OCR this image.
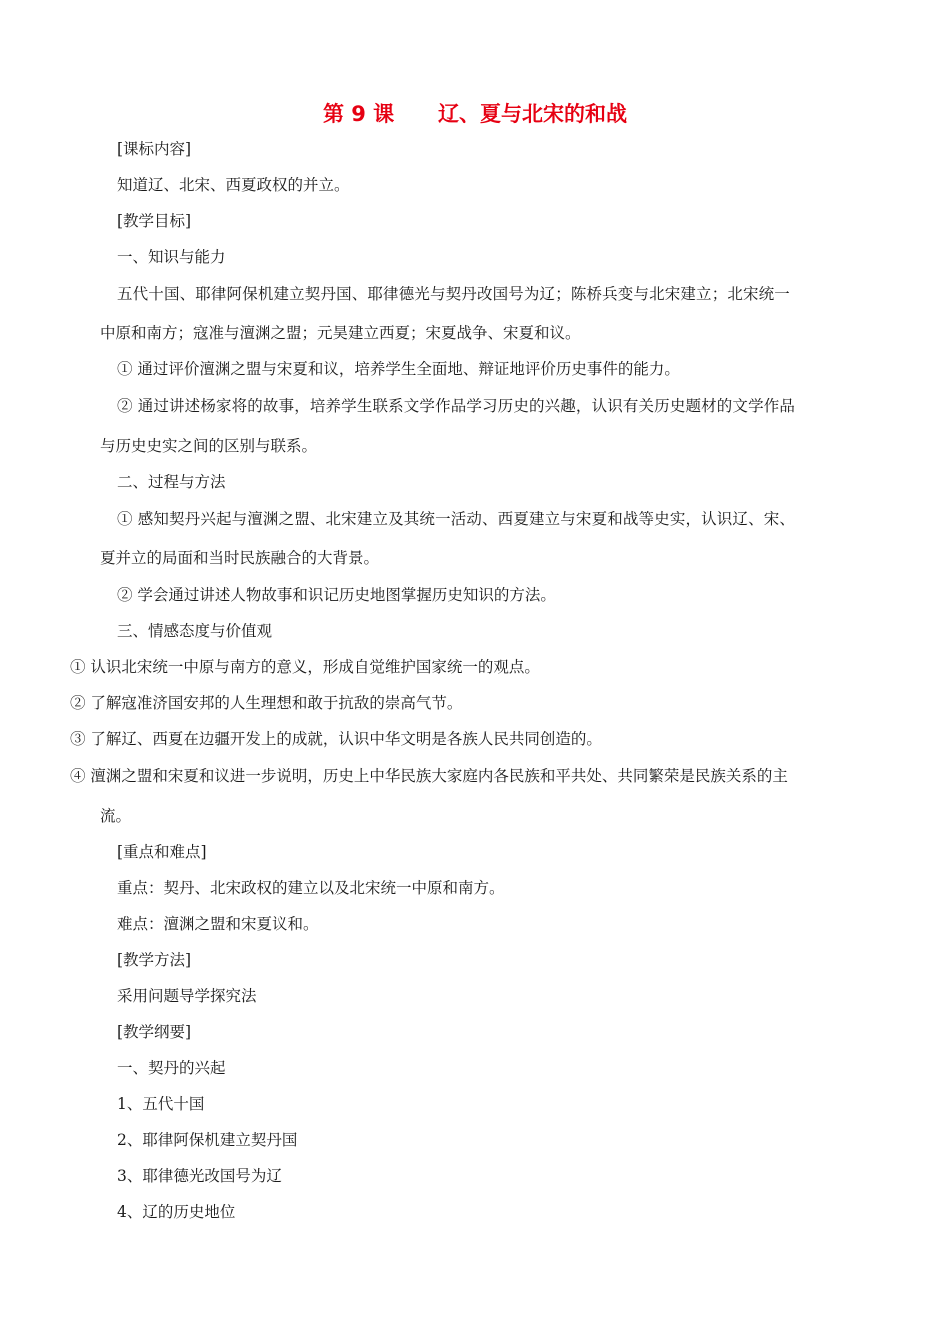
第 9 课      辽、夏与北宋的和战
[课标内容]
知道辽、北宋、西夏政权的并立。
[教学目标]
一、知识与能力
五代十国、耶律阿保机建立契丹国、耶律德光与契丹改国号为辽；陈桥兵变与北宋建立；北宋统一
中原和南方；寇准与澶渊之盟；元昊建立西夏；宋夏战争、宋夏和议。
① 通过评价澶渊之盟与宋夏和议，培养学生全面地、辩证地评价历史事件的能力。
② 通过讲述杨家将的故事，培养学生联系文学作品学习历史的兴趣，认识有关历史题材的文学作品
与历史史实之间的区别与联系。
二、过程与方法
① 感知契丹兴起与澶渊之盟、北宋建立及其统一活动、西夏建立与宋夏和战等史实，认识辽、宋、
夏并立的局面和当时民族融合的大背景。
② 学会通过讲述人物故事和识记历史地图掌握历史知识的方法。
三、情感态度与价值观
① 认识北宋统一中原与南方的意义，形成自觉维护国家统一的观点。
② 了解寇准济国安邦的人生理想和敢于抗敌的崇高气节。
③ 了解辽、西夏在边疆开发上的成就，认识中华文明是各族人民共同创造的。
④ 澶渊之盟和宋夏和议进一步说明，历史上中华民族大家庭内各民族和平共处、共同繁荣是民族关系的主
流。
[重点和难点]
重点：契丹、北宋政权的建立以及北宋统一中原和南方。
难点：澶渊之盟和宋夏议和。
[教学方法]
采用问题导学探究法
[教学纲要]
一、契丹的兴起
1、五代十国
2、耶律阿保机建立契丹国
3、耶律德光改国号为辽
4、辽的历史地位
